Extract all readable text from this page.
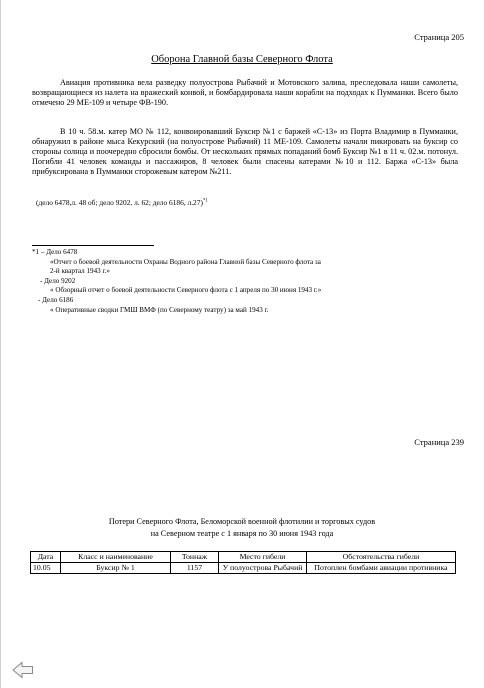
Страница 205
Оборона Главной базы Северного Флота

Авиация противника вела разведку полуострова Рыбачий и Мотовского залива, преследовала наши самолеты, возвращающиеся из налета на вражеский конвой, и бомбардировала наши корабли на подходах к Пумманки. Всего было отмечено 29 МЕ-109 и четыре ФВ-190.

В 10 ч. 58.м. катер МО № 112, конвоировавший Буксир №1 с баржей «С-13» из Порта Владимир в Пумманки, обнаружил в районе мыса Кекурский (на полуострове Рыбачий) 11 МЕ-109. Самолеты начали пикировать на буксир со стороны солнца и поочередно сбросили бомбы. От нескольких прямых попаданий бомб Буксир №1 в 11 ч. 02.м. потонул. Погибли 41 человек команды и пассажиров, 8 человек были спасены катерами №10 и 112. Баржа «С-13» была прибуксирована в Пумманки сторожевым катером №211.

(дело 6478,л. 48 об; дело 9202, л. 62; дело 6186, л.27)$^{*1}$
*1 – Дело 6478
«Отчет о боевой деятельности Охраны Водного района Главной базы Северного флота за
2-й квартал 1943 г.»
- Дело 9202
« Обзорный отчет о боевой деятельности Северного флота с 1 апреля по 30 июня 1943 г.»
- Дело 6186
« Оперативные сводки ГМШ ВМФ (по Северному театру) за май 1943 г.
Страница 239
Потери Северного Флота, Беломорской военной флотилии и торговых судов
на Северном театре с 1 января по 30 июня 1943 года
Дата	Класс и наименование	Тоннаж	Место гибели	Обстоятельства гибели
10.05	Буксир № 1	1157	У полуострова Рыбачий	Потоплен бомбами авиации противника
